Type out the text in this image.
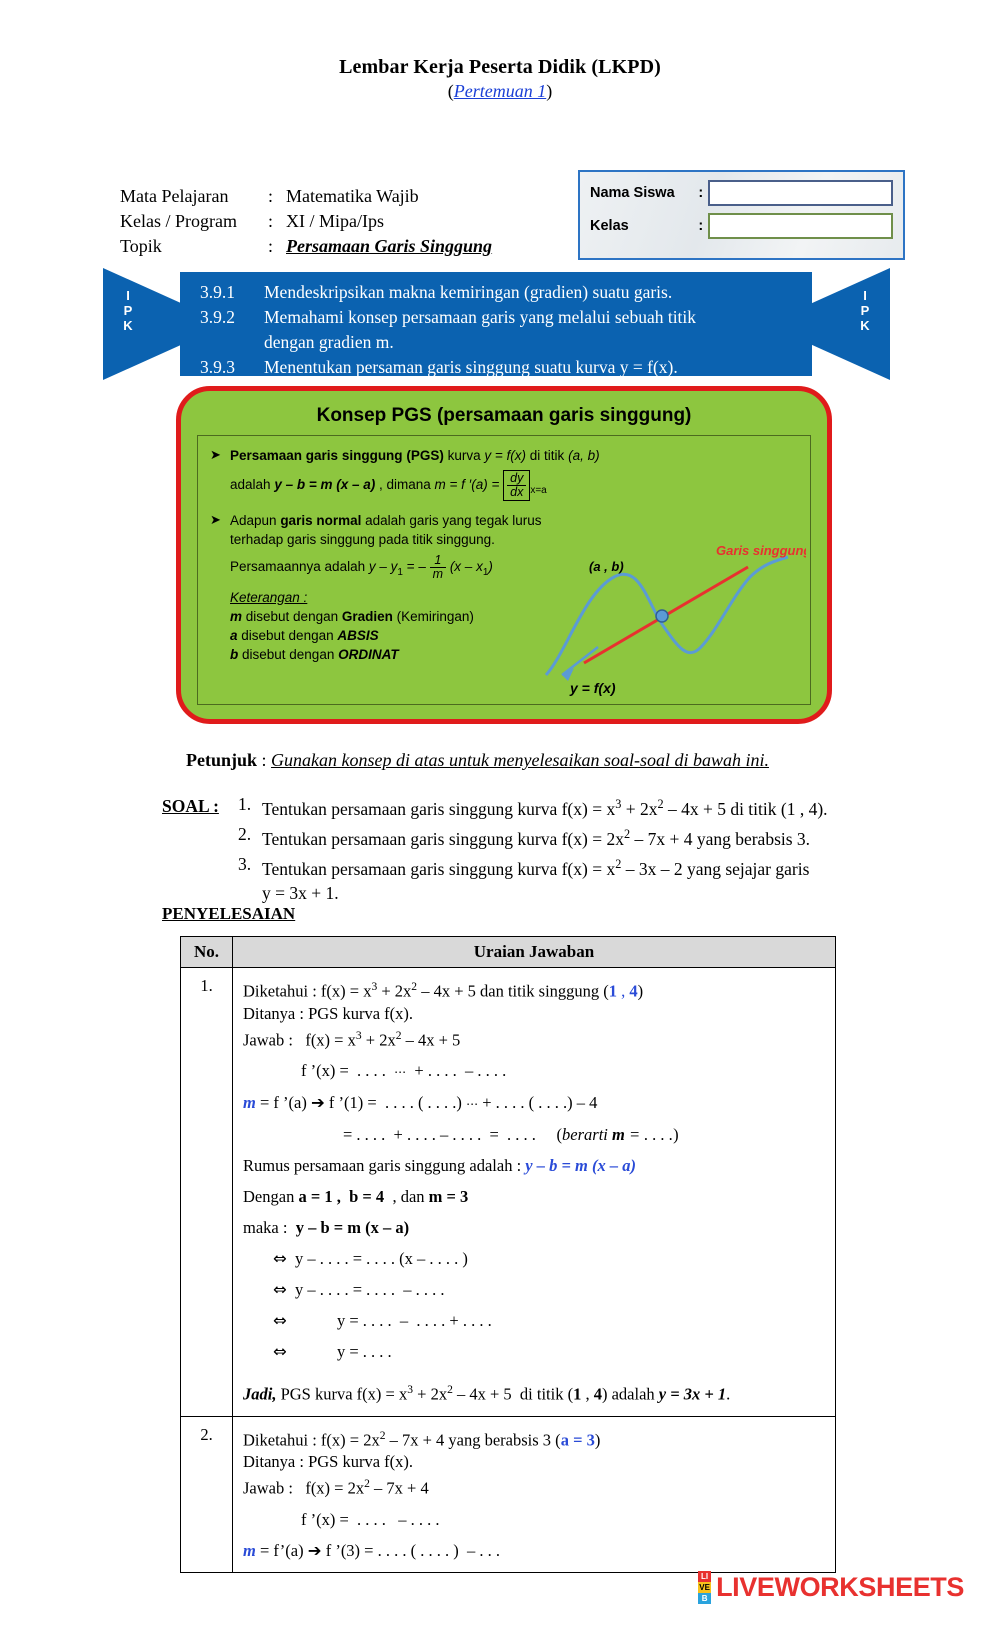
Lembar Kerja Peserta Didik (LKPD)
(Pertemuan 1)
Mata Pelajaran	: Matematika Wajib
Kelas / Program	: XI / Mipa/Ips
Topik	: Persamaan Garis Singgung
Nama Siswa	:
Kelas	:
I
P
K
3.9.1	Mendeskripsikan makna kemiringan (gradien) suatu garis.
3.9.2	Memahami konsep persamaan garis yang melalui sebuah titik
dengan gradien m.
3.9.3	Menentukan persaman garis singgung suatu kurva y = f(x).
I
P
K
Konsep PGS (persamaan garis singgung)
➤ Persamaan garis singgung (PGS) kurva y = f(x) di titik (a, b)
adalah y – b = m (x – a) , dimana m = f $'(a) = \frac{dy}{dx} _{x=a}$
➤ Adapun garis normal adalah garis yang tegak lurus
terhadap garis singgung pada titik singgung.
Persamaannya adalah y – $y_1$ = – $\frac{1}{m} (x - x_1)$
Keterangan :
m disebut dengan Gradien (Kemiringan)
a disebut dengan ABSIS
b disebut dengan ORDINAT
(a , b)
Garis singgung
y = f(x)
Petunjuk : Gunakan konsep di atas untuk menyelesaikan soal-soal di bawah ini.
SOAL : 1. Tentukan persamaan garis singgung kurva $f(x) = x^3 + 2x^2 - 4x + 5$ di titik (1 , 4).
2. Tentukan persamaan garis singgung kurva $f(x) = 2x^2 - 7x + 4$ yang berabsis 3.
3. Tentukan persamaan garis singgung kurva $f(x) = x^2 - 3x - 2$ yang sejajar garis
y = 3x + 1.
PENYELESAIAN
No.	Uraian Jawaban
1.	Diketahui : $f(x) = x^3 + 2x^2 - 4x + 5$ dan titik singgung (1 , 4)
Ditanya : PGS kurva f(x).
Jawab :   $f(x) = x^3 + 2x^2 - 4x + 5$
f ’(x) =  . . . .  ⋯  + . . . .  – . . . .
m = f ’(a) ➔ f ’(1) =  . . . . ( . . . .) ⋯ + . . . . ( . . . .) – 4
= . . . .  + . . . . – . . . .  =  . . . .     (berarti m = . . . .)
Rumus persamaan garis singgung adalah : y – b = m (x – a)
Dengan a = 1 ,  b = 4  , dan m = 3
maka :  y – b = m (x – a)
⇔ y – . . . . = . . . . (x – . . . . )
⇔ y – . . . . = . . . .  – . . . .
⇔	y = . . . .  –  . . . . + . . . .
⇔	y = . . . .
Jadi, PGS kurva $f(x) = x^3 + 2x^2 - 4x + 5$  di titik (1 , 4) adalah y = 3x + 1.

2.	Diketahui : $f(x) = 2x^2 - 7x + 4$ yang berabsis 3 (a = 3)
Ditanya : PGS kurva f(x).
Jawab :   $f(x) = 2x^2 - 7x + 4$
f ’(x) =  . . . .   – . . . .
m = f’(a) ➔ f ’(3) = . . . . ( . . . . )  – . . .
LI
VE
B LIVEWORKSHEETS
